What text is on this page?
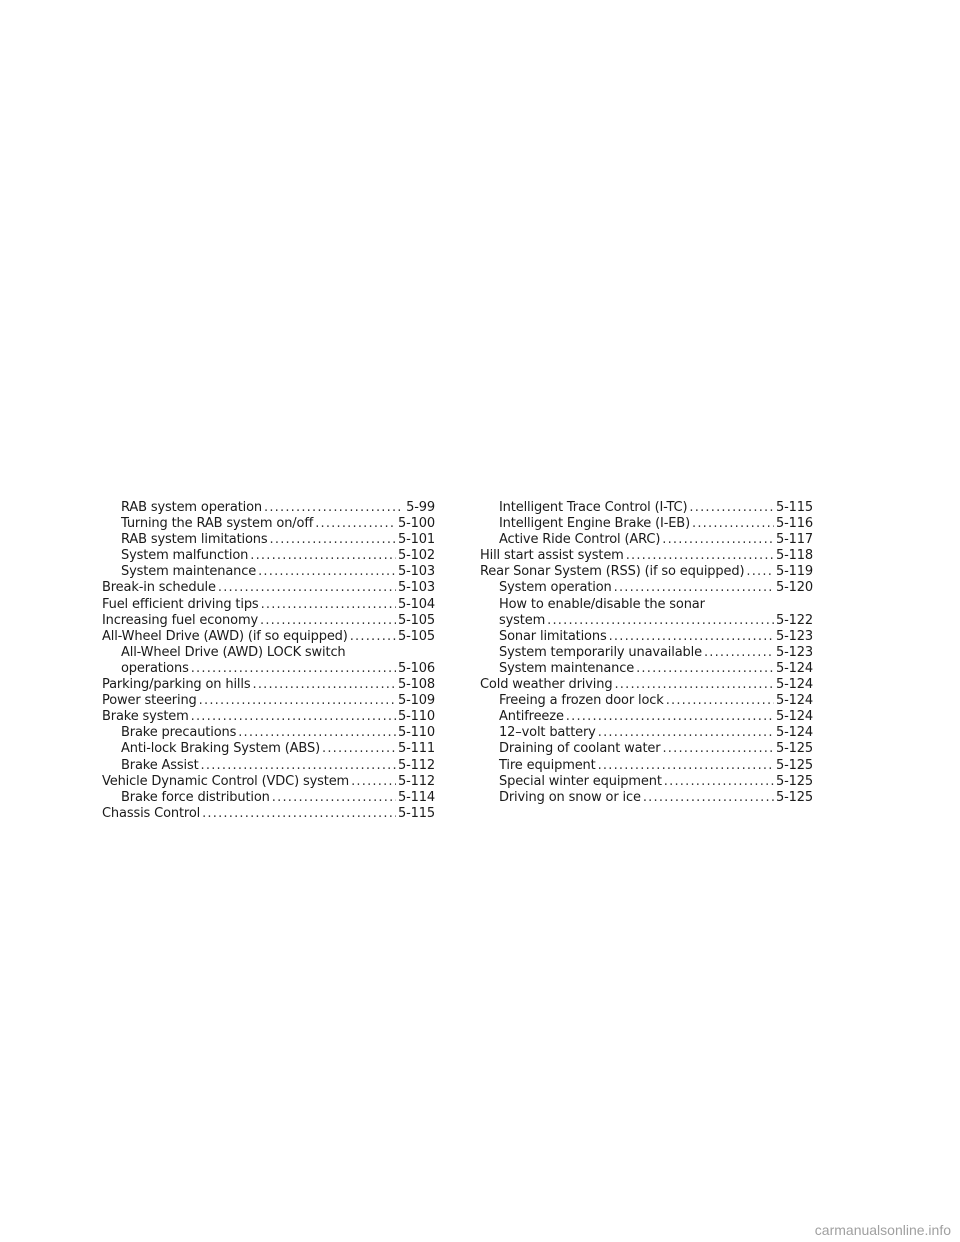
RAB system operation .....	5-99
Turning the RAB system on/off .....	5-100
RAB system limitations .....	5-101
System malfunction .....	5-102
System maintenance .....	5-103
Break-in schedule .....	5-103
Fuel efficient driving tips .....	5-104
Increasing fuel economy .....	5-105
All-Wheel Drive (AWD) (if so equipped) .....	5-105
All-Wheel Drive (AWD) LOCK switch
operations .....	5-106
Parking/parking on hills .....	5-108
Power steering .....	5-109
Brake system .....	5-110
Brake precautions .....	5-110
Anti-lock Braking System (ABS) .....	5-111
Brake Assist .....	5-112
Vehicle Dynamic Control (VDC) system .....	5-112
Brake force distribution .....	5-114
Chassis Control .....	5-115
Intelligent Trace Control (I-TC) .....	5-115
Intelligent Engine Brake (I-EB) .....	5-116
Active Ride Control (ARC) .....	5-117
Hill start assist system .....	5-118
Rear Sonar System (RSS) (if so equipped) ..... 5-119
System operation .....	5-120
How to enable/disable the sonar
system .....	5-122
Sonar limitations .....	5-123
System temporarily unavailable .....	5-123
System maintenance .....	5-124
Cold weather driving .....	5-124
Freeing a frozen door lock .....	5-124
Antifreeze .....	5-124
12–volt battery .....	5-124
Draining of coolant water .....	5-125
Tire equipment .....	5-125
Special winter equipment .....	5-125
Driving on snow or ice .....	5-125
carmanualsonline.info
